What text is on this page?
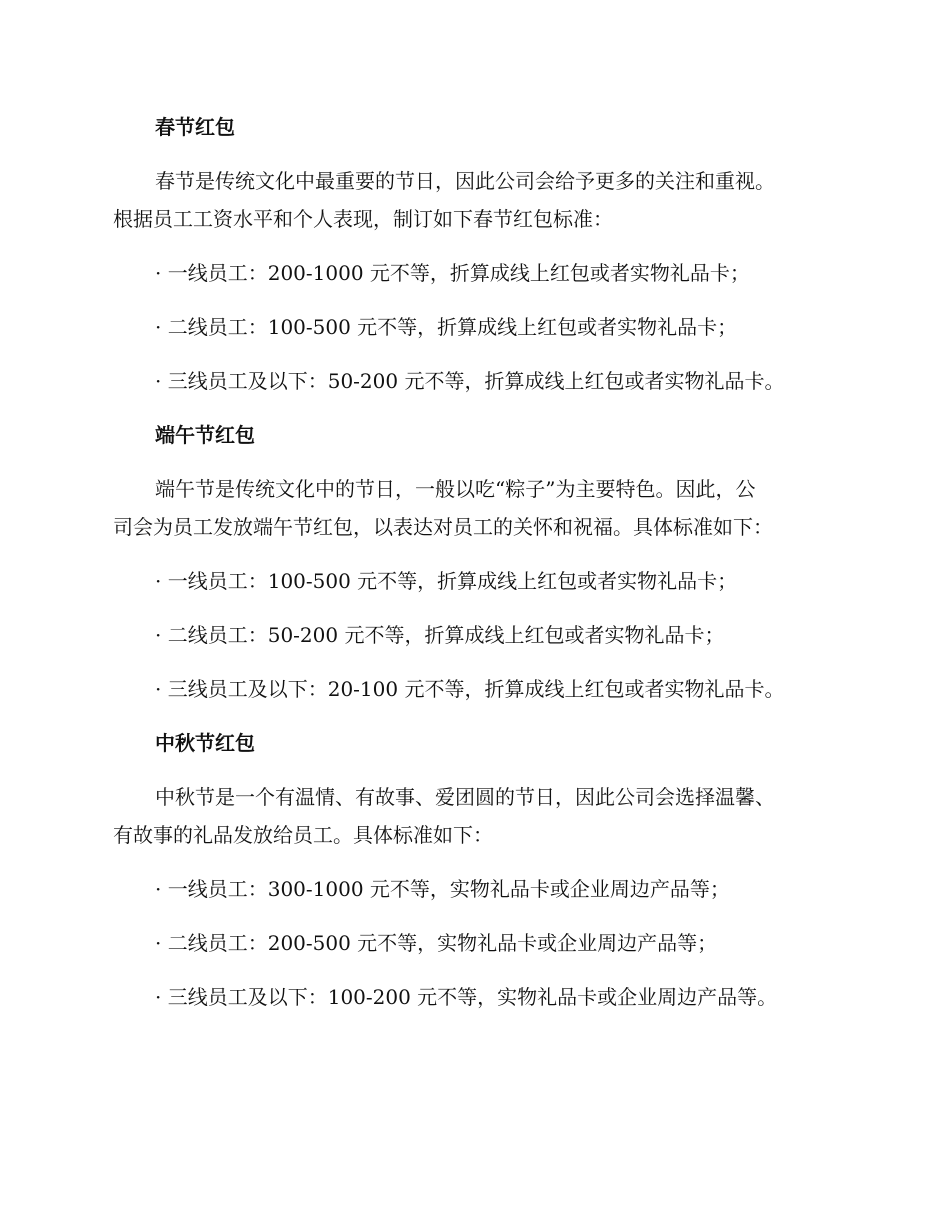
春节红包
春节是传统文化中最重要的节日，因此公司会给予更多的关注和重视。
根据员工工资水平和个人表现，制订如下春节红包标准：
· 一线员工：200-1000 元不等，折算成线上红包或者实物礼品卡；
· 二线员工：100-500 元不等，折算成线上红包或者实物礼品卡；
· 三线员工及以下：50-200 元不等，折算成线上红包或者实物礼品卡。
端午节红包
端午节是传统文化中的节日，一般以吃“粽子”为主要特色。因此，公
司会为员工发放端午节红包，以表达对员工的关怀和祝福。具体标准如下：
· 一线员工：100-500 元不等，折算成线上红包或者实物礼品卡；
· 二线员工：50-200 元不等，折算成线上红包或者实物礼品卡；
· 三线员工及以下：20-100 元不等，折算成线上红包或者实物礼品卡。
中秋节红包
中秋节是一个有温情、有故事、爱团圆的节日，因此公司会选择温馨、
有故事的礼品发放给员工。具体标准如下：
· 一线员工：300-1000 元不等，实物礼品卡或企业周边产品等；
· 二线员工：200-500 元不等，实物礼品卡或企业周边产品等；
· 三线员工及以下：100-200 元不等，实物礼品卡或企业周边产品等。
